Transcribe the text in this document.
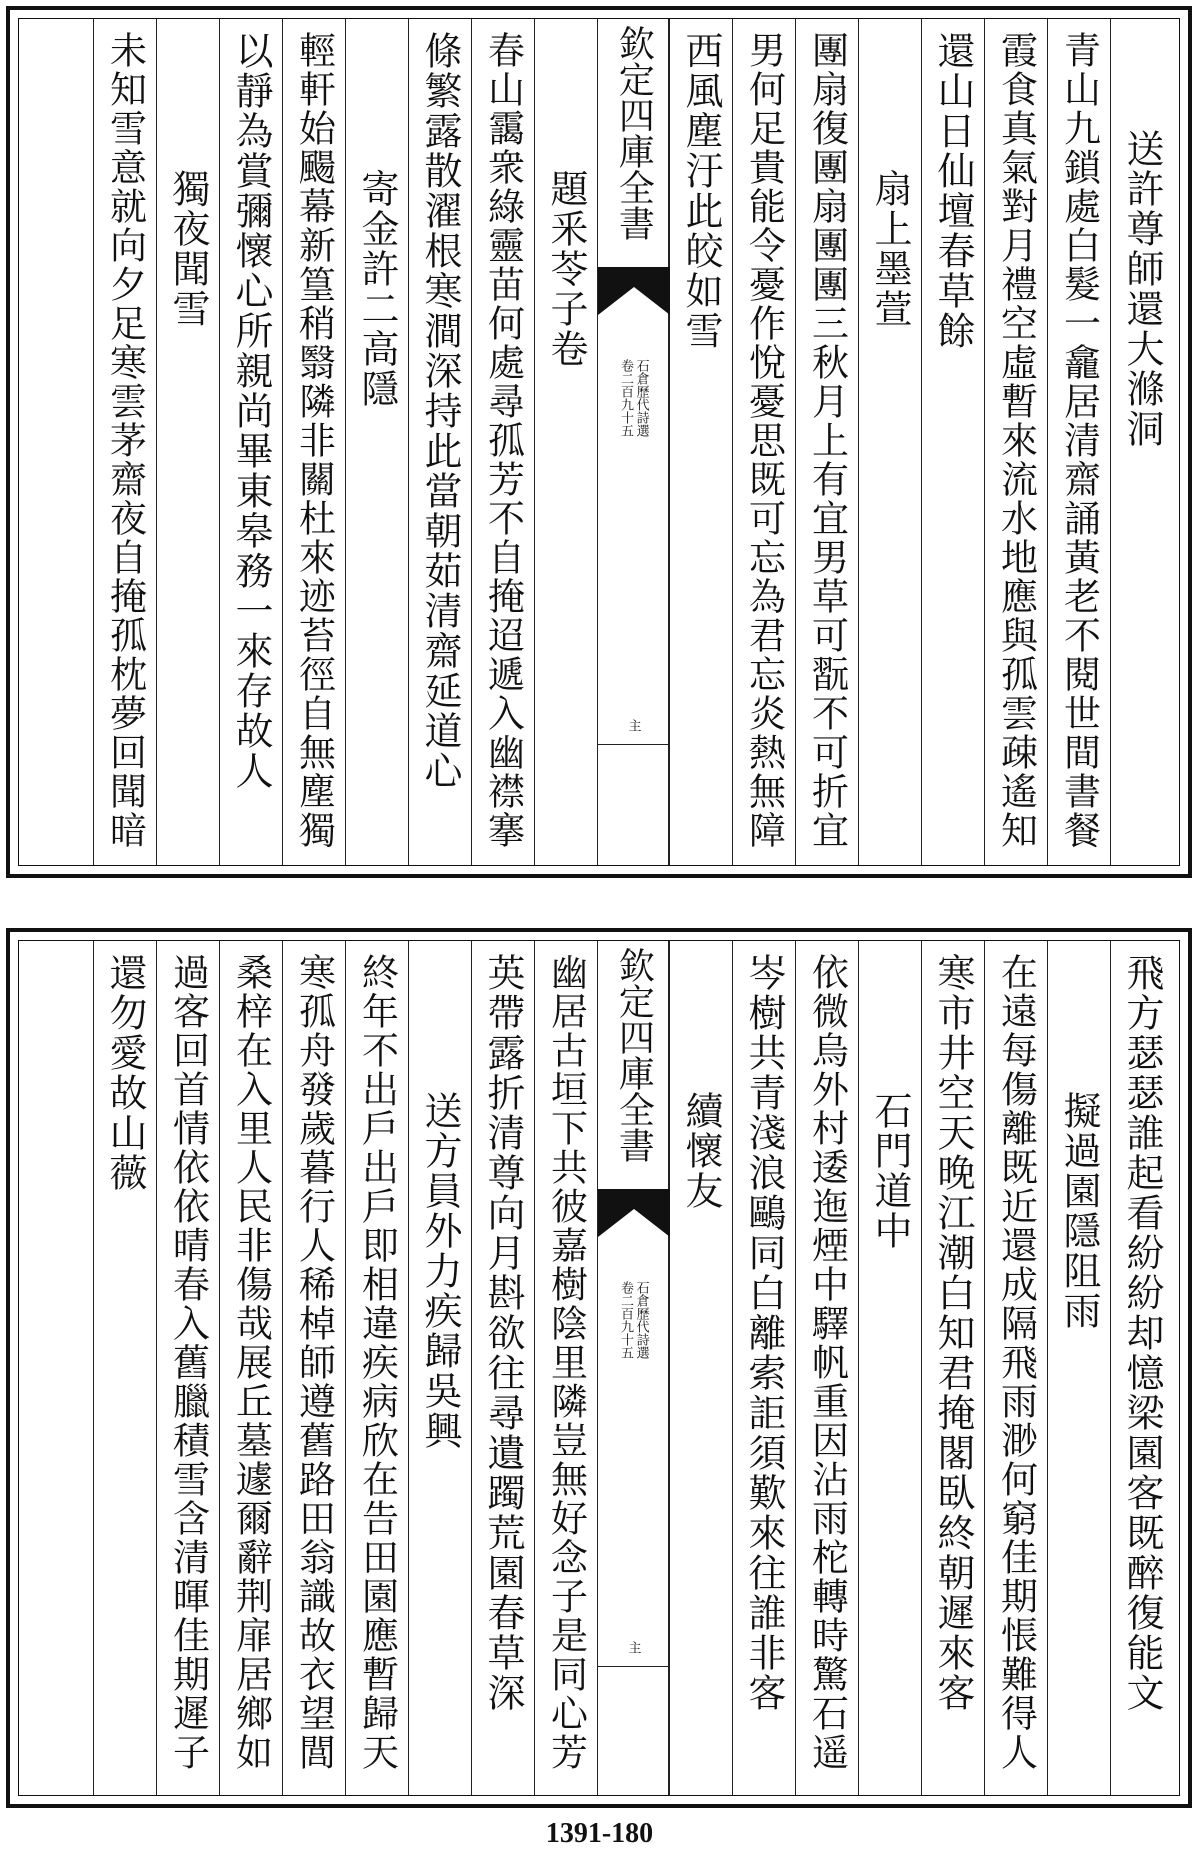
送許尊師還大滌洞
青山九鎖處白髮一龕居清齋誦黃老不閱世間書餐
霞食真氣對月禮空虛暫來流水地應與孤雲疎遙知
還山日仙壇春草餘
扇上墨萱
團扇復團扇團團三秋月上有宜男草可翫不可折宜
男何足貴能令憂作悅憂思既可忘為君忘炎熱無障
西風塵汙此皎如雪
欽定四庫全書
石倉歷代詩選
卷二百九十五
主
題釆苓子卷
春山靄衆綠靈苗何處尋孤芳不自掩迢遞入幽襟搴
條繁露散濯根寒澗深持此當朝茹清齋延道心
寄金許二高隱
輕軒始颺幕新篁稍翳隣非關杜來迹苔徑自無塵獨
以靜為賞彌懷心所親尚畢東皋務一來存故人
獨夜聞雪
未知雪意就向夕足寒雲茅齋夜自掩孤枕夢回聞暗
飛方瑟瑟誰起看紛紛却憶梁園客既醉復能文
擬過園隱阻雨
在遠每傷離既近還成隔飛雨渺何窮佳期悵難得人
寒市井空天晚江潮白知君掩閣臥終朝遲來客
石門道中
依微烏外村逶迤煙中驛帆重因沾雨柁轉時驚石遥
岑樹共青淺浪鷗同白離索詎須歎來往誰非客
續懷友
欽定四庫全書
石倉歷代詩選
卷二百九十五
主
幽居古垣下共彼嘉樹陰里隣豈無好念子是同心芳
英帶露折清尊向月斟欲往尋遺躅荒園春草深
送方員外力疾歸吳興
終年不出戶出戶即相違疾病欣在告田園應暫歸天
寒孤舟發歲暮行人稀棹師遵舊路田翁識故衣望閭
桑梓在入里人民非傷哉展丘墓遽爾辭荆扉居鄉如
過客回首情依依晴春入舊臘積雪含清暉佳期遲子
還勿愛故山薇
1391-180
